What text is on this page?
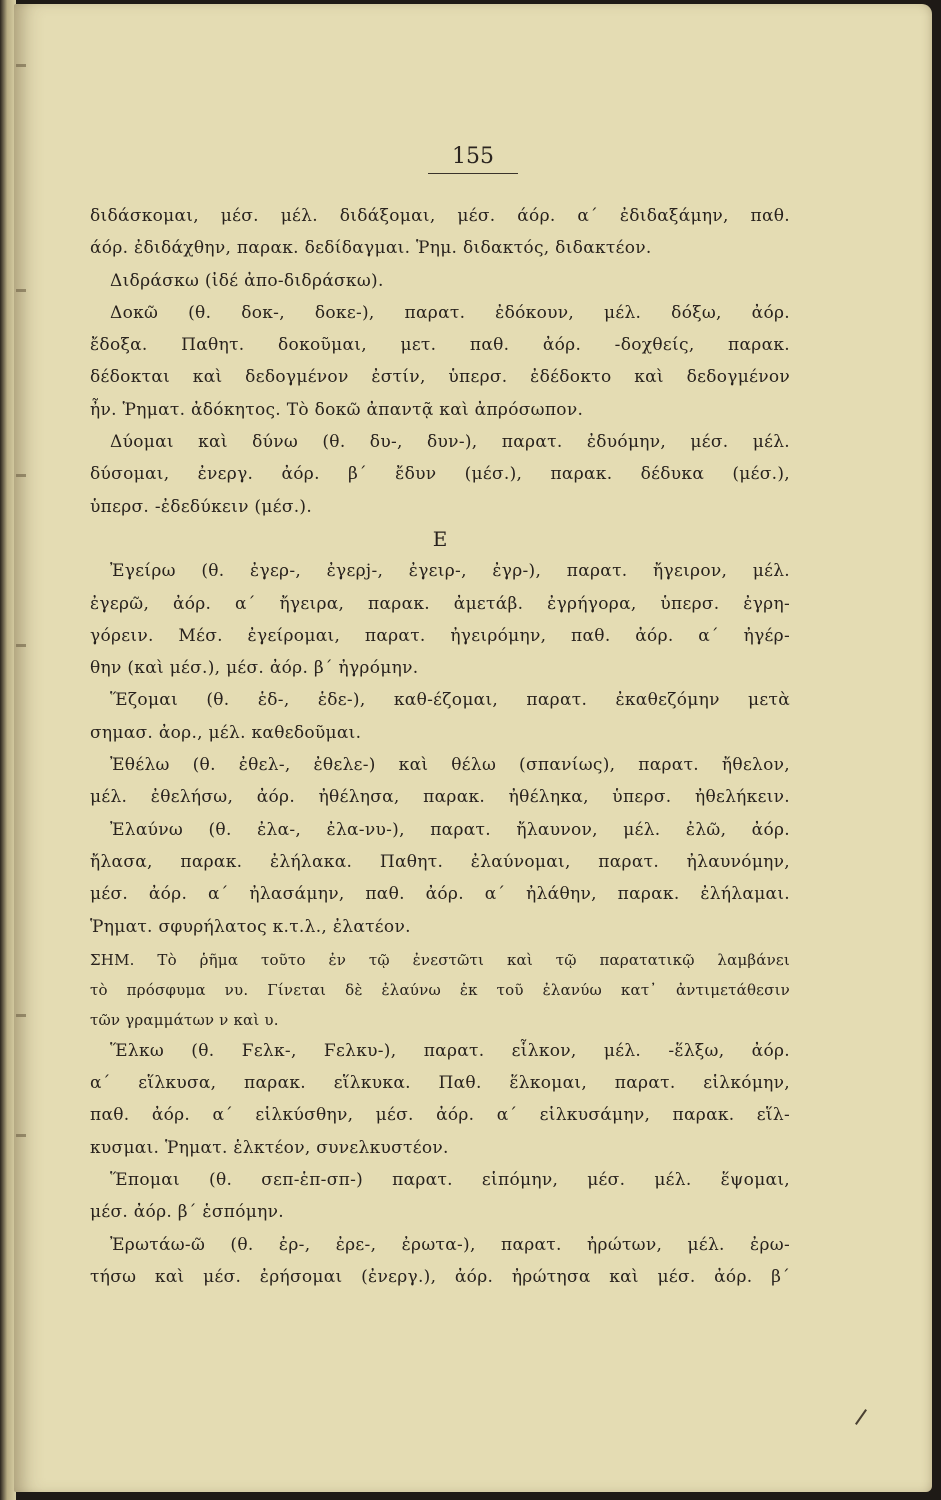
155
διδάσκομαι, μέσ. μέλ. διδάξομαι, μέσ. άόρ. α΄ ἐδιδαξάμην, παθ.
άόρ. ἐδιδάχθην, παρακ. δεδίδαγμαι. Ῥημ. διδακτός, διδακτέον.
Διδράσκω (ἰδέ ἀπο-διδράσκω).
Δοκῶ (θ. δοκ-, δοκε-), παρατ. ἐδόκουν, μέλ. δόξω, ἀόρ.
ἔδοξα. Παθητ. δοκοῦμαι, μετ. παθ. ἀόρ. -δοχθείς, παρακ.
δέδοκται καὶ δεδογμένον ἐστίν, ὑπερσ. ἐδέδοκτο καὶ δεδογμένον
ἦν. Ῥηματ. ἀδόκητος. Τὸ δοκῶ ἀπαντᾷ καὶ ἀπρόσωπον.
Δύομαι καὶ δύνω (θ. δυ-, δυν-), παρατ. ἐδυόμην, μέσ. μέλ.
δύσομαι, ἐνεργ. ἀόρ. β΄ ἔδυν (μέσ.), παρακ. δέδυκα (μέσ.),
ὑπερσ. -ἐδεδύκειν (μέσ.).
Ε
Ἐγείρω (θ. ἐγερ-, ἐγερj-, ἐγειρ-, ἐγρ-), παρατ. ἤγειρον, μέλ.
ἐγερῶ, ἀόρ. α΄ ἤγειρα, παρακ. ἀμετάβ. ἐγρήγορα, ὑπερσ. ἐγρη-
γόρειν. Μέσ. ἐγείρομαι, παρατ. ἠγειρόμην, παθ. ἀόρ. α΄ ἠγέρ-
θην (καὶ μέσ.), μέσ. ἀόρ. β΄ ἠγρόμην.
Ἕζομαι (θ. ἑδ-, ἑδε-), καθ-έζομαι, παρατ. ἐκαθεζόμην μετὰ
σημασ. ἀορ., μέλ. καθεδοῦμαι.
Ἐθέλω (θ. ἐθελ-, ἐθελε-) καὶ θέλω (σπανίως), παρατ. ἤθελον,
μέλ. ἐθελήσω, ἀόρ. ἠθέλησα, παρακ. ἠθέληκα, ὑπερσ. ἠθελήκειν.
Ἐλαύνω (θ. ἐλα-, ἐλα-νυ-), παρατ. ἤλαυνον, μέλ. ἐλῶ, ἀόρ.
ἤλασα, παρακ. ἐλήλακα. Παθητ. ἐλαύνομαι, παρατ. ἠλαυνόμην,
μέσ. ἀόρ. α΄ ἠλασάμην, παθ. ἀόρ. α΄ ἠλάθην, παρακ. ἐλήλαμαι.
Ῥηματ. σφυρήλατος κ.τ.λ., ἐλατέον.
ΣΗΜ. Τὸ ῥῆμα τοῦτο ἐν τῷ ἐνεστῶτι καὶ τῷ παρατατικῷ λαμβάνει
τὸ πρόσφυμα νυ. Γίνεται δὲ ἐλαύνω ἐκ τοῦ ἐλανύω κατ᾽ ἀντιμετάθεσιν
τῶν γραμμάτων ν καὶ υ.
Ἕλκω (θ. Ϝελκ-, Ϝελκυ-), παρατ. εἷλκον, μέλ. -ἕλξω, ἀόρ.
α΄ εἵλκυσα, παρακ. εἵλκυκα. Παθ. ἕλκομαι, παρατ. εἱλκόμην,
παθ. ἀόρ. α΄ εἱλκύσθην, μέσ. ἀόρ. α΄ εἱλκυσάμην, παρακ. εἵλ-
κυσμαι. Ῥηματ. ἑλκτέον, συνελκυστέον.
Ἕπομαι (θ. σεπ-ἑπ-σπ-) παρατ. εἱπόμην, μέσ. μέλ. ἕψομαι,
μέσ. ἀόρ. β΄ ἑσπόμην.
Ἐρωτάω-ῶ (θ. ἐρ-, ἐρε-, ἐρωτα-), παρατ. ἠρώτων, μέλ. ἐρω-
τήσω καὶ μέσ. ἐρήσομαι (ἐνεργ.), ἀόρ. ἠρώτησα καὶ μέσ. ἀόρ. β΄
